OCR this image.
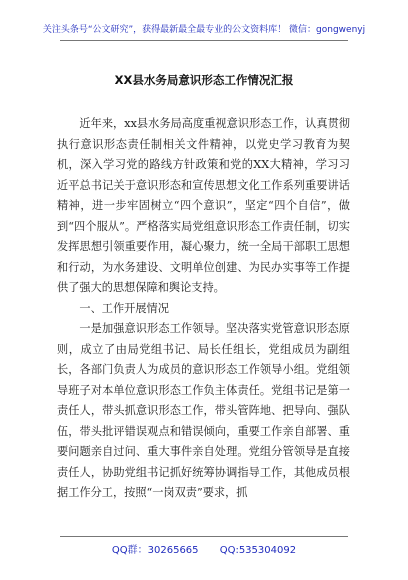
关注头条号“公文研究”，获得最新最全最专业的公文资料库！ 微信：gongwenyj
XX县水务局意识形态工作情况汇报

近年来，xx县水务局高度重视意识形态工作，认真贯彻执行意识形态责任制相关文件精神，以党史学习教育为契机，深入学习党的路线方针政策和党的XX大精神，学习习近平总书记关于意识形态和宣传思想文化工作系列重要讲话精神，进一步牢固树立“四个意识”，坚定“四个自信”，做到“四个服从”。严格落实局党组意识形态工作责任制，切实发挥思想引领重要作用，凝心聚力，统一全局干部职工思想和行动，为水务建设、文明单位创建、为民办实事等工作提供了强大的思想保障和舆论支持。

一、工作开展情况

一是加强意识形态工作领导。坚决落实党管意识形态原则，成立了由局党组书记、局长任组长，党组成员为副组长，各部门负责人为成员的意识形态工作领导小组。党组领导班子对本单位意识形态工作负主体责任。党组书记是第一责任人，带头抓意识形态工作，带头管阵地、把导向、强队伍，带头批评错误观点和错误倾向，重要工作亲自部署、重要问题亲自过问、重大事件亲自处理。党组分管领导是直接责任人，协助党组书记抓好统筹协调指导工作，其他成员根据工作分工，按照“一岗双责”要求，抓

QQ群：30265665 QQ:535304092
